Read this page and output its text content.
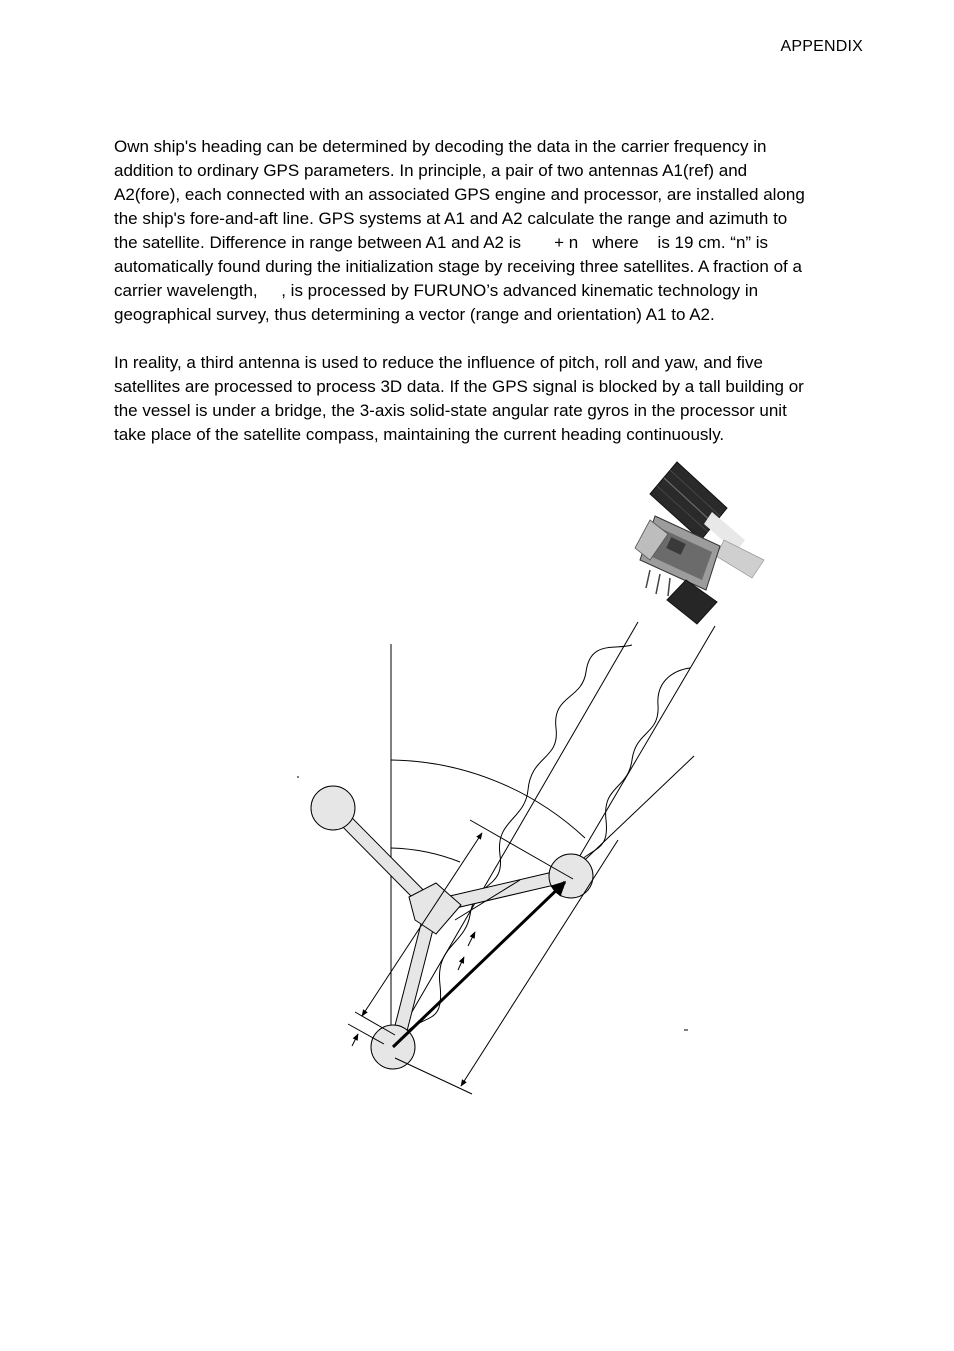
APPENDIX

Own ship's heading can be determined by decoding the data in the carrier frequency in
addition to ordinary GPS parameters. In principle, a pair of two antennas A1(ref) and
A2(fore), each connected with an associated GPS engine and processor, are installed along
the ship's fore-and-aft line. GPS systems at A1 and A2 calculate the range and azimuth to
the satellite. Difference in range between A1 and A2 is       + n   where    is 19 cm. “n” is
automatically found during the initialization stage by receiving three satellites. A fraction of a
carrier wavelength,     , is processed by FURUNO’s advanced kinematic technology in
geographical survey, thus determining a vector (range and orientation) A1 to A2.

In reality, a third antenna is used to reduce the influence of pitch, roll and yaw, and five
satellites are processed to process 3D data. If the GPS signal is blocked by a tall building or
the vessel is under a bridge, the 3-axis solid-state angular rate gyros in the processor unit
take place of the satellite compass, maintaining the current heading continuously.
